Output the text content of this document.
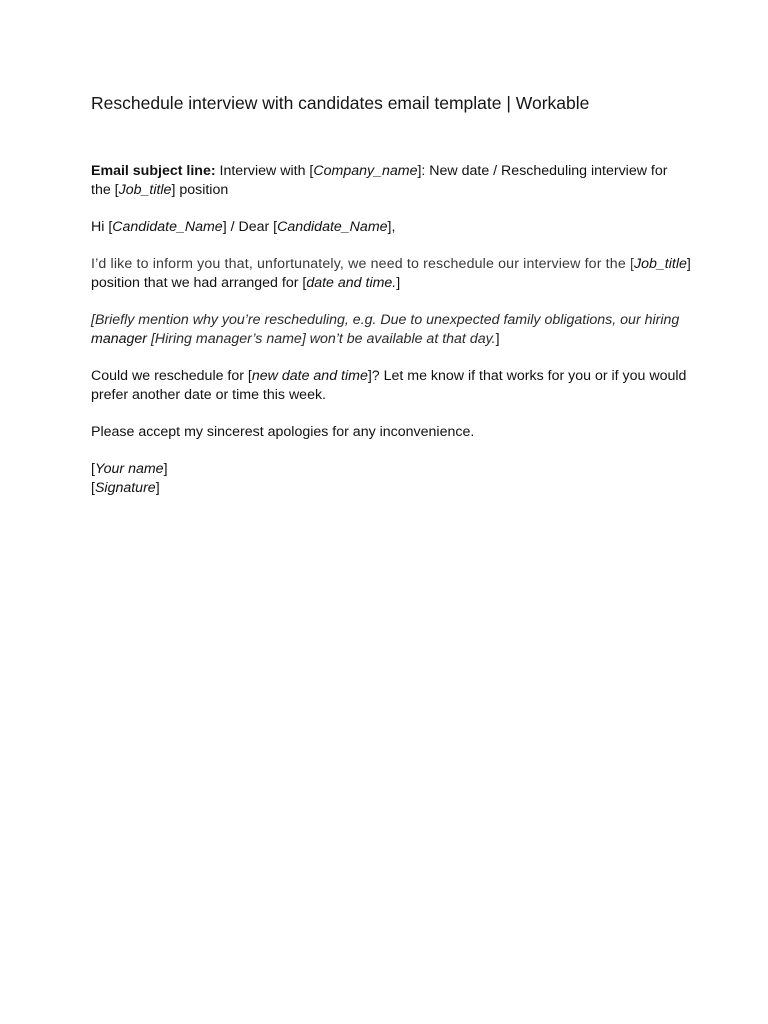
Reschedule interview with candidates email template | Workable

Email subject line: Interview with [Company_name]: New date / Rescheduling interview for the [Job_title] position

Hi [Candidate_Name] / Dear [Candidate_Name],

I’d like to inform you that, unfortunately, we need to reschedule our interview for the [Job_title] position that we had arranged for [date and time.]

[Briefly mention why you’re rescheduling, e.g. Due to unexpected family obligations, our hiring manager [Hiring manager’s name] won’t be available at that day.]

Could we reschedule for [new date and time]? Let me know if that works for you or if you would prefer another date or time this week.

Please accept my sincerest apologies for any inconvenience.

[Your name]

[Signature]
